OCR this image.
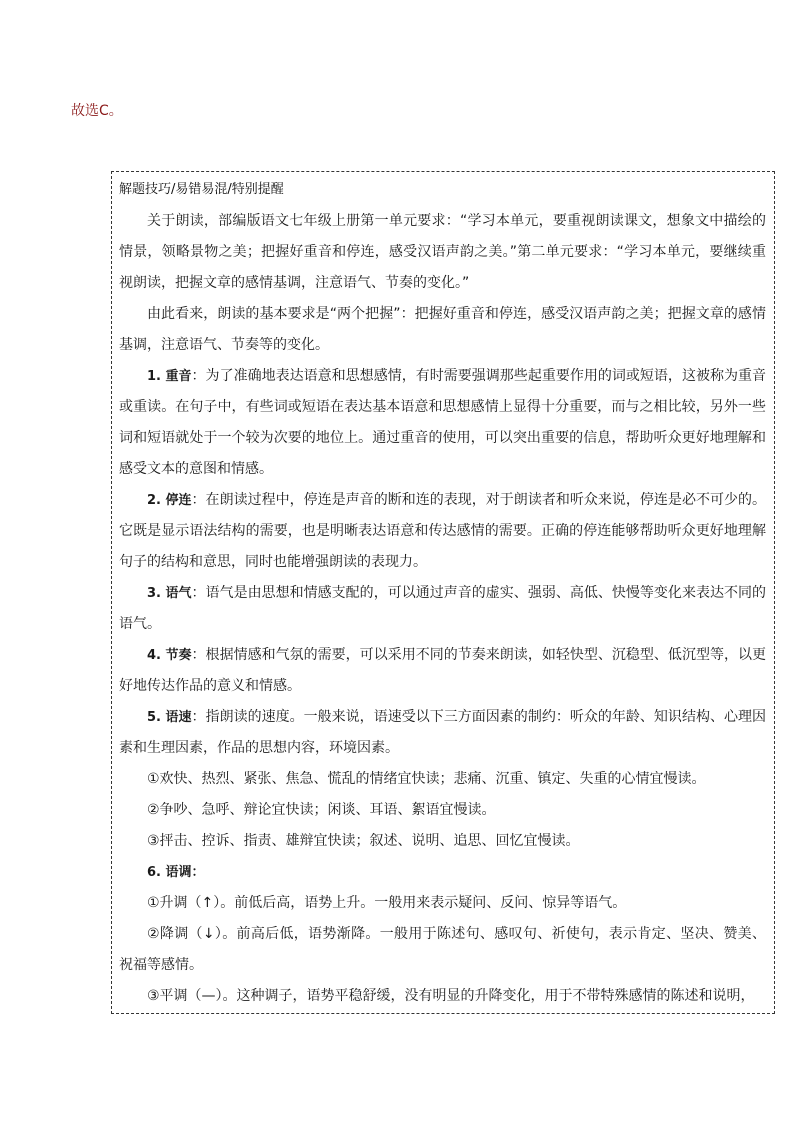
故选C。
解题技巧/易错易混/特别提醒

关于朗读，部编版语文七年级上册第一单元要求：“学习本单元，要重视朗读课文，想象文中描绘的情景，领略景物之美；把握好重音和停连，感受汉语声韵之美。”第二单元要求：“学习本单元，要继续重视朗读，把握文章的感情基调，注意语气、节奏的变化。”

由此看来，朗读的基本要求是“两个把握”：把握好重音和停连，感受汉语声韵之美；把握文章的感情基调，注意语气、节奏等的变化。

1. 重音：为了准确地表达语意和思想感情，有时需要强调那些起重要作用的词或短语，这被称为重音或重读。在句子中，有些词或短语在表达基本语意和思想感情上显得十分重要，而与之相比较，另外一些词和短语就处于一个较为次要的地位上。通过重音的使用，可以突出重要的信息，帮助听众更好地理解和感受文本的意图和情感。

2. 停连：在朗读过程中，停连是声音的断和连的表现，对于朗读者和听众来说，停连是必不可少的。它既是显示语法结构的需要，也是明晰表达语意和传达感情的需要。正确的停连能够帮助听众更好地理解句子的结构和意思，同时也能增强朗读的表现力。

3. 语气：语气是由思想和情感支配的，可以通过声音的虚实、强弱、高低、快慢等变化来表达不同的语气。

4. 节奏：根据情感和气氛的需要，可以采用不同的节奏来朗读，如轻快型、沉稳型、低沉型等，以更好地传达作品的意义和情感。

5. 语速：指朗读的速度。一般来说，语速受以下三方面因素的制约：听众的年龄、知识结构、心理因素和生理因素，作品的思想内容，环境因素。

①欢快、热烈、紧张、焦急、慌乱的情绪宜快读；悲痛、沉重、镇定、失重的心情宜慢读。

②争吵、急呼、辩论宜快读；闲谈、耳语、絮语宜慢读。

③抨击、控诉、指责、雄辩宜快读；叙述、说明、追思、回忆宜慢读。

6. 语调：

①升调（↑）。前低后高，语势上升。一般用来表示疑问、反问、惊异等语气。

②降调（↓）。前高后低，语势渐降。一般用于陈述句、感叹句、祈使句，表示肯定、坚决、赞美、祝福等感情。

③平调（—）。这种调子，语势平稳舒缓，没有明显的升降变化，用于不带特殊感情的陈述和说明，
